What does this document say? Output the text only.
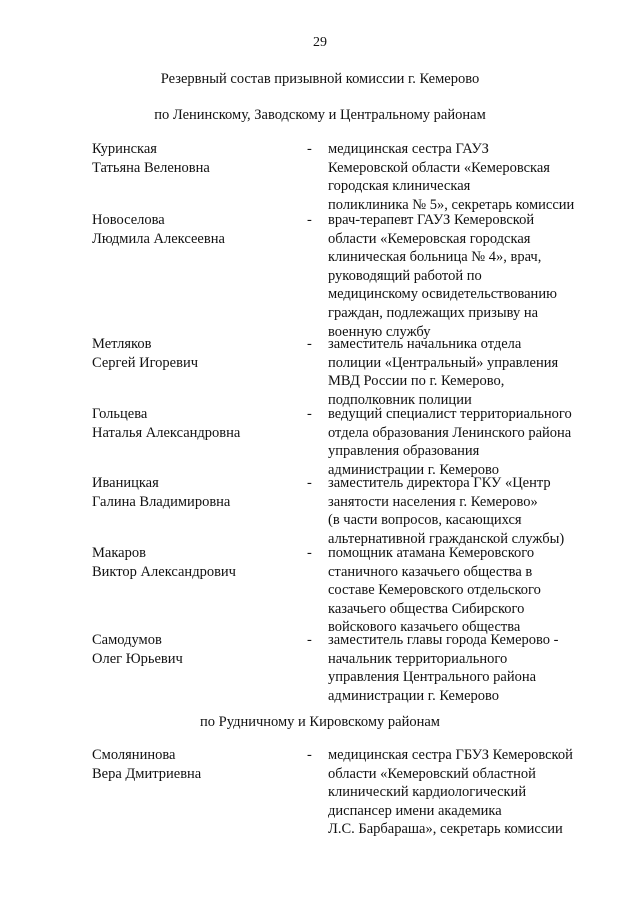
29
Резервный состав призывной комиссии г. Кемерово
по Ленинскому, Заводскому и Центральному районам
Куринская
Татьяна Веленовна
- медицинская сестра ГАУЗ
Кемеровской области «Кемеровская
городская клиническая
поликлиника № 5», секретарь комиссии
Новоселова
Людмила Алексеевна
- врач-терапевт ГАУЗ Кемеровской
области «Кемеровская городская
клиническая больница № 4», врач,
руководящий работой по
медицинскому освидетельствованию
граждан, подлежащих призыву на
военную службу
Метляков
Сергей Игоревич
- заместитель начальника отдела
полиции «Центральный» управления
МВД России по г. Кемерово,
подполковник полиции
Гольцева
Наталья Александровна
- ведущий специалист территориального
отдела образования Ленинского района
управления образования
администрации г. Кемерово
Иваницкая
Галина Владимировна
- заместитель директора ГКУ «Центр
занятости населения г. Кемерово»
(в части вопросов, касающихся
альтернативной гражданской службы)
Макаров
Виктор Александрович
- помощник атамана Кемеровского
станичного казачьего общества в
составе Кемеровского отдельского
казачьего общества Сибирского
войскового казачьего общества
Самодумов
Олег Юрьевич
- заместитель главы города Кемерово -
начальник территориального
управления Центрального района
администрации г. Кемерово
по Рудничному и Кировскому районам
Смолянинова
Вера Дмитриевна
- медицинская сестра ГБУЗ Кемеровской
области «Кемеровский областной
клинический кардиологический
диспансер имени академика
Л.С. Барбараша», секретарь комиссии
